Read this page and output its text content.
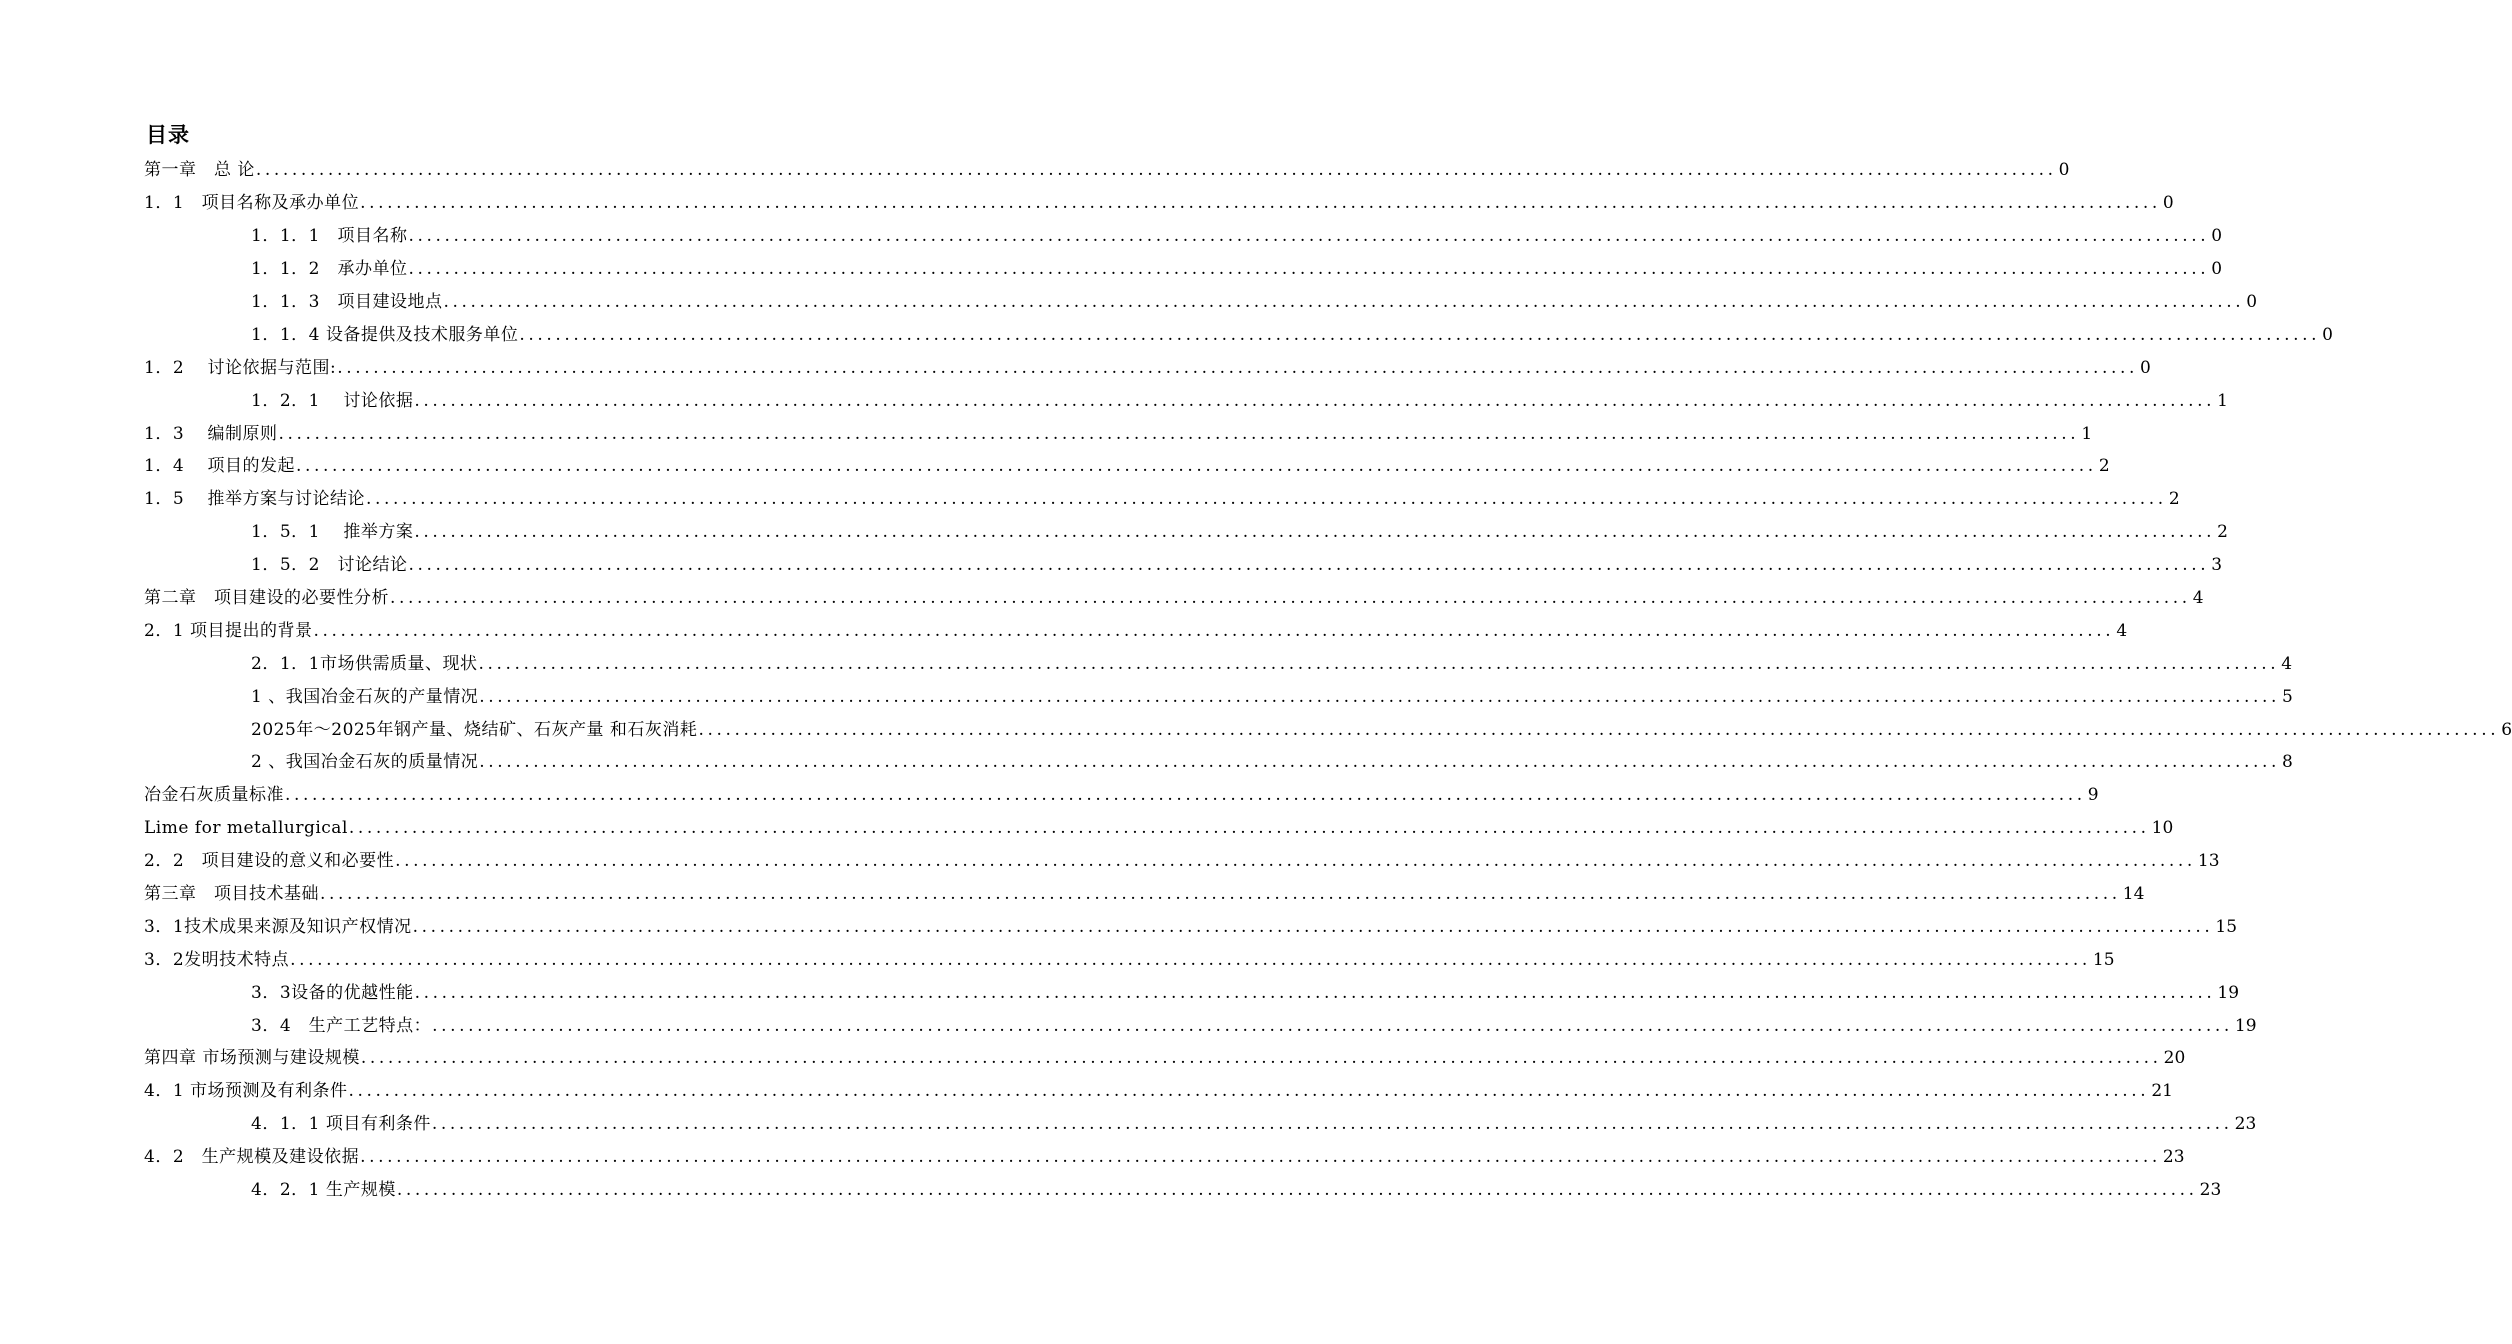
目录
第一章　总 论 ........................................................................................................................................................................................................ 0
1．1　项目名称及承办单位 ........................................................................................................................................................................................................ 0
1．1．1　项目名称 ........................................................................................................................................................................................................ 0
1．1．2　承办单位 ........................................................................................................................................................................................................ 0
1．1．3　项目建设地点 ........................................................................................................................................................................................................ 0
1．1．4 设备提供及技术服务单位 ........................................................................................................................................................................................................ 0
1．2　 讨论依据与范围: ........................................................................................................................................................................................................ 0
1．2．1　 讨论依据 ........................................................................................................................................................................................................ 1
1．3　 编制原则 ........................................................................................................................................................................................................ 1
1．4　 项目的发起 ........................................................................................................................................................................................................ 2
1．5　 推举方案与讨论结论 ........................................................................................................................................................................................................ 2
1．5．1　 推举方案 ........................................................................................................................................................................................................ 2
1．5．2　讨论结论 ........................................................................................................................................................................................................ 3
第二章　项目建设的必要性分析 ........................................................................................................................................................................................................ 4
2．1 项目提出的背景 ........................................................................................................................................................................................................ 4
2．1．1市场供需质量、现状 ........................................................................................................................................................................................................ 4
1 、我国冶金石灰的产量情况 ........................................................................................................................................................................................................ 5
2025年～2025年钢产量、烧结矿、石灰产量 和石灰消耗 ........................................................................................................................................................................................................ 6
2 、我国冶金石灰的质量情况 ........................................................................................................................................................................................................ 8
冶金石灰质量标准 ........................................................................................................................................................................................................ 9
Lime for metallurgical ........................................................................................................................................................................................................ 10
2．2　项目建设的意义和必要性 ........................................................................................................................................................................................................ 13
第三章　项目技术基础 ........................................................................................................................................................................................................ 14
3．1技术成果来源及知识产权情况 ........................................................................................................................................................................................................ 15
3．2发明技术特点 ........................................................................................................................................................................................................ 15
3．3设备的优越性能 ........................................................................................................................................................................................................ 19
3．4　生产工艺特点： ........................................................................................................................................................................................................ 19
第四章 市场预测与建设规模 ........................................................................................................................................................................................................ 20
4．1 市场预测及有利条件 ........................................................................................................................................................................................................ 21
4．1．1 项目有利条件 ........................................................................................................................................................................................................ 23
4．2　生产规模及建设依据 ........................................................................................................................................................................................................ 23
4．2．1 生产规模 ........................................................................................................................................................................................................ 23
